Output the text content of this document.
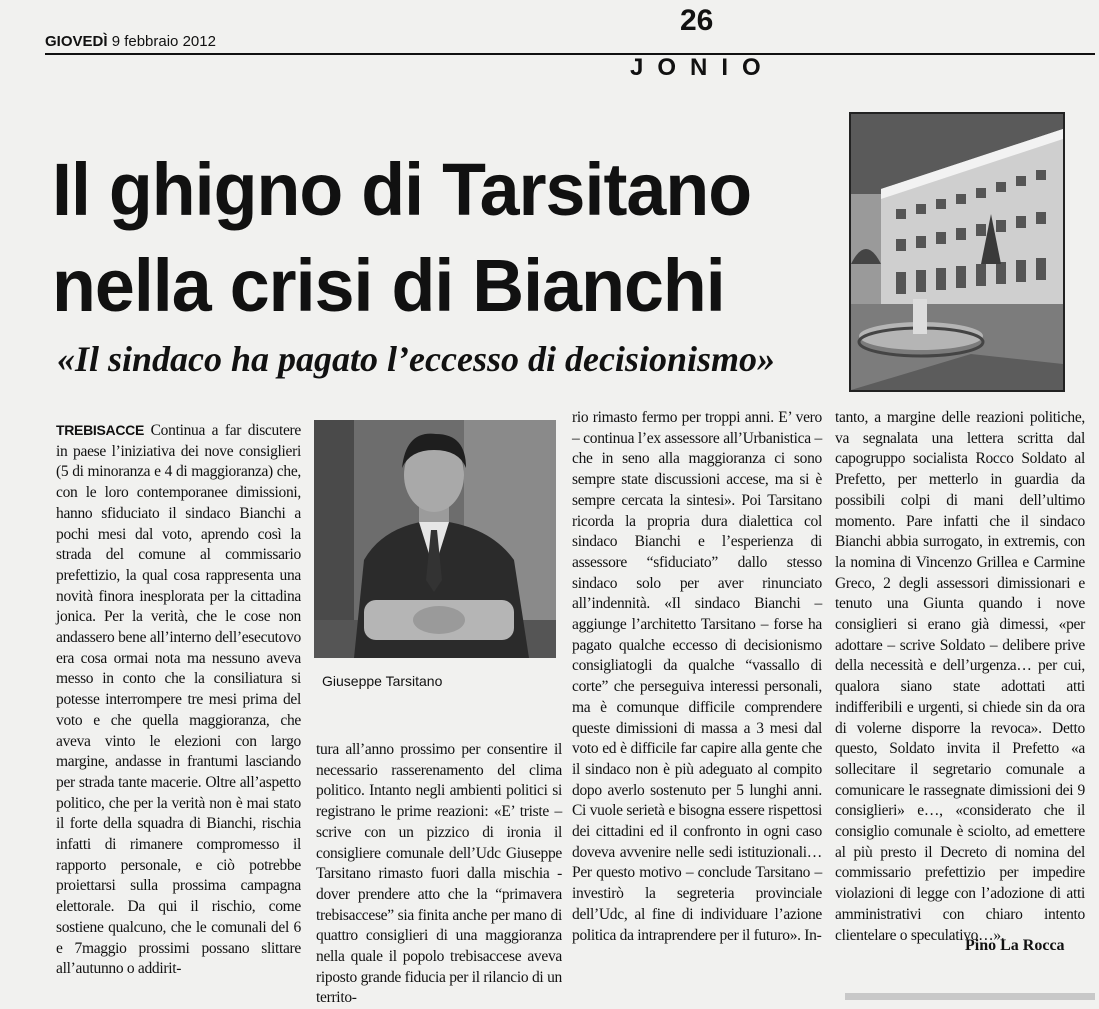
GIOVEDÌ 9 febbraio 2012
26
JONIO
Il ghigno di Tarsitano
nella crisi di Bianchi
«Il sindaco ha pagato l’eccesso di decisionismo»
Giuseppe Tarsitano

TREBISACCE Continua a far discutere in paese l’iniziativa dei nove consiglieri (5 di minoranza e 4 di maggioranza) che, con le loro contemporanee dimissioni, hanno sfiduciato il sindaco Bianchi a pochi mesi dal voto, aprendo così la strada del comune al commissario prefettizio, la qual cosa rappresenta una novità finora inesplorata per la cittadina jonica. Per la verità, che le cose non andassero bene all’interno dell’esecutovo era cosa ormai nota ma nessuno aveva messo in conto che la consiliatura si potesse interrompere tre mesi prima del voto e che quella maggioranza, che aveva vinto le elezioni con largo margine, andasse in frantumi lasciando per strada tante macerie. Oltre all’aspetto politico, che per la verità non è mai stato il forte della squadra di Bianchi, rischia infatti di rimanere compromesso il rapporto personale, e ciò potrebbe proiettarsi sulla prossima campagna elettorale. Da qui il rischio, come sostiene qualcuno, che le comunali del 6 e 7maggio prossimi possano slittare all’autunno o addirit-

tura all’anno prossimo per consentire il necessario rasserenamento del clima politico. Intanto negli ambienti politici si registrano le prime reazioni: «E’ triste – scrive con un pizzico di ironia il consigliere comunale dell’Udc Giuseppe Tarsitano rimasto fuori dalla mischia - dover prendere atto che la “primavera trebisaccese” sia finita anche per mano di quattro consiglieri di una maggioranza nella quale il popolo trebisaccese aveva riposto grande fiducia per il rilancio di un territo-

rio rimasto fermo per troppi anni. E’ vero – continua l’ex assessore all’Urbanistica – che in seno alla maggioranza ci sono sempre state discussioni accese, ma si è sempre cercata la sintesi». Poi Tarsitano ricorda la propria dura dialettica col sindaco Bianchi e l’esperienza di assessore “sfiduciato” dallo stesso sindaco solo per aver rinunciato all’indennità. «Il sindaco Bianchi – aggiunge l’architetto Tarsitano – forse ha pagato qualche eccesso di decisionismo consigliatogli da qualche “vassallo di corte” che perseguiva interessi personali, ma è comunque difficile comprendere queste dimissioni di massa a 3 mesi dal voto ed è difficile far capire alla gente che il sindaco non è più adeguato al compito dopo averlo sostenuto per 5 lunghi anni. Ci vuole serietà e bisogna essere rispettosi dei cittadini ed il confronto in ogni caso doveva avvenire nelle sedi istituzionali…Per questo motivo – conclude Tarsitano – investirò la segreteria provinciale dell’Udc, al fine di individuare l’azione politica da intraprendere per il futuro». In-

tanto, a margine delle reazioni politiche, va segnalata una lettera scritta dal capogruppo socialista Rocco Soldato al Prefetto, per metterlo in guardia da possibili colpi di mani dell’ultimo momento. Pare infatti che il sindaco Bianchi abbia surrogato, in extremis, con la nomina di Vincenzo Grillea e Carmine Greco, 2 degli assessori dimissionari e tenuto una Giunta quando i nove consiglieri si erano già dimessi, «per adottare – scrive Soldato – delibere prive della necessità e dell’urgenza… per cui, qualora siano state adottati atti indifferibili e urgenti, si chiede sin da ora di volerne disporre la revoca». Detto questo, Soldato invita il Prefetto «a sollecitare il segretario comunale a comunicare le rassegnate dimissioni dei 9 consiglieri» e…, «considerato che il consiglio comunale è sciolto, ad emettere al più presto il Decreto di nomina del commissario prefettizio per impedire violazioni di legge con l’adozione di atti amministrativi con chiaro intento clientelare o speculativo…».

Pino La Rocca
